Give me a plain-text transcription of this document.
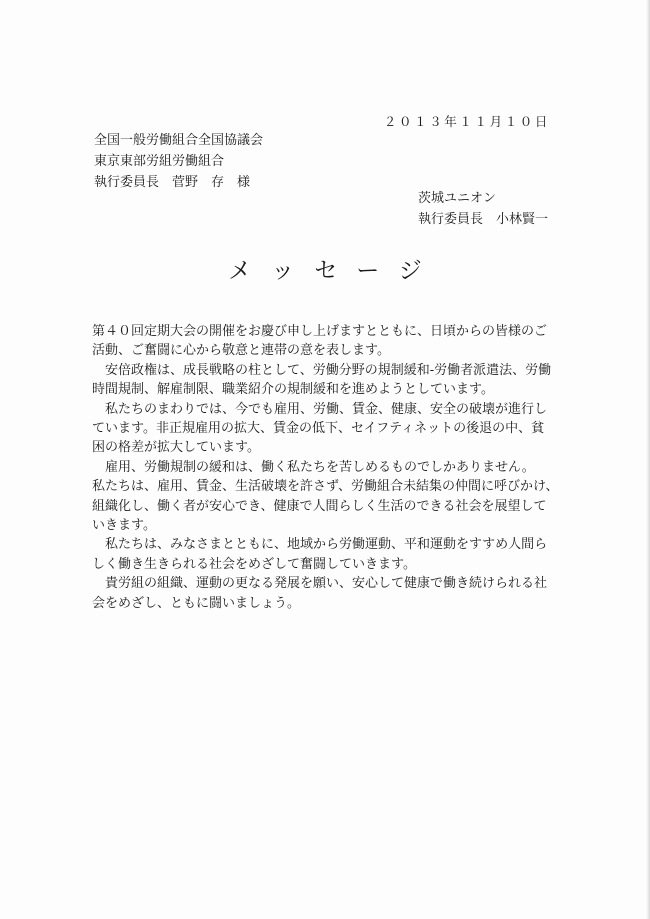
２０１３年１１月１０日
全国一般労働組合全国協議会
東京東部労組労働組合
執行委員長　菅野　存　様
茨城ユニオン
執行委員長　小林賢一
メッセージ

第４０回定期大会の開催をお慶び申し上げますとともに、日頃からの皆様のご

活動、ご奮闘に心から敬意と連帯の意を表します。

安倍政権は、成長戦略の柱として、労働分野の規制緩和‐労働者派遣法、労働

時間規制、解雇制限、職業紹介の規制緩和を進めようとしています。

私たちのまわりでは、今でも雇用、労働、賃金、健康、安全の破壊が進行し

ています。非正規雇用の拡大、賃金の低下、セイフティネットの後退の中、貧

困の格差が拡大しています。

雇用、労働規制の緩和は、働く私たちを苦しめるものでしかありません。

私たちは、雇用、賃金、生活破壊を許さず、労働組合未結集の仲間に呼びかけ、

組織化し、働く者が安心でき、健康で人間らしく生活のできる社会を展望して

いきます。

私たちは、みなさまとともに、地域から労働運動、平和運動をすすめ人間ら

しく働き生きられる社会をめざして奮闘していきます。

貴労組の組織、運動の更なる発展を願い、安心して健康で働き続けられる社

会をめざし、ともに闘いましょう。
